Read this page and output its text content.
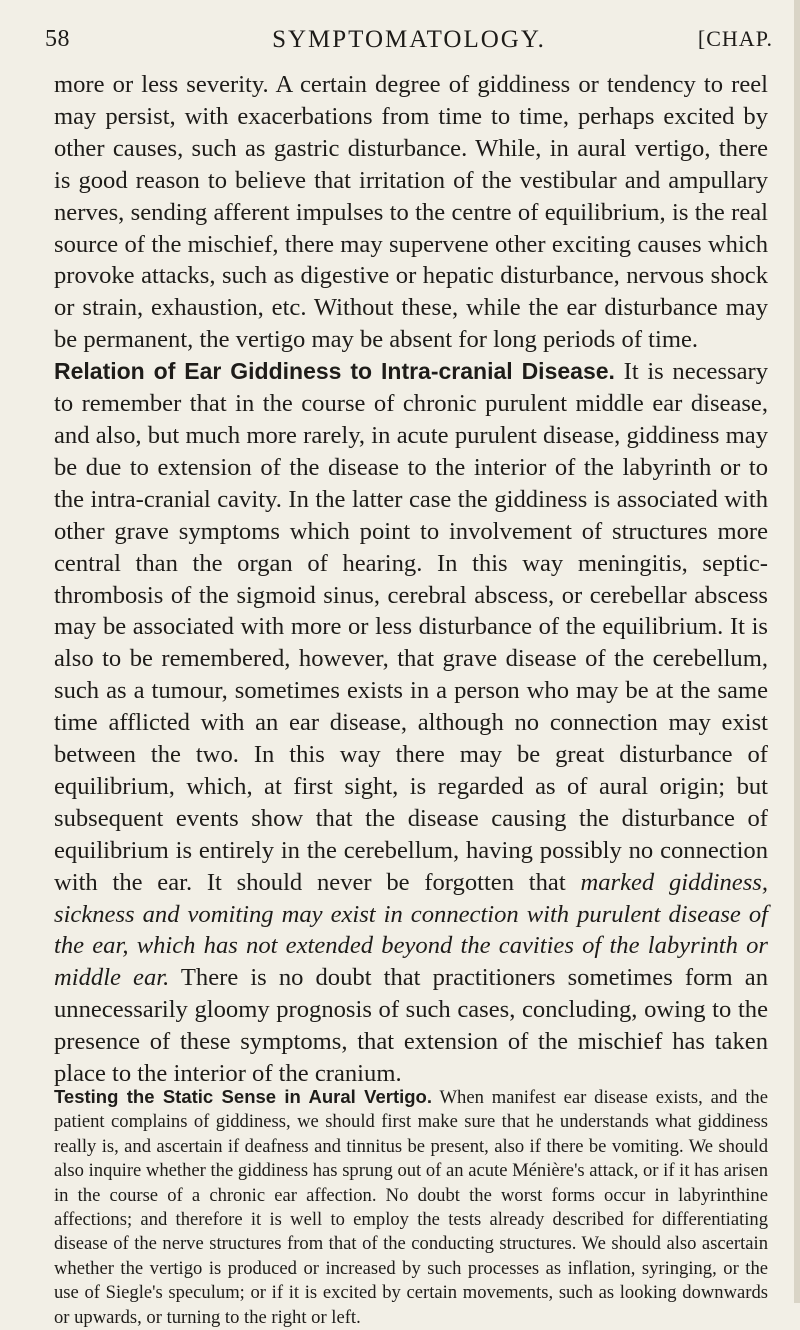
SYMPTOMATOLOGY.
58	[CHAP.

more or less severity. A certain degree of giddiness or tendency to reel may persist, with exacerbations from time to time, perhaps excited by other causes, such as gastric disturbance. While, in aural vertigo, there is good reason to believe that irritation of the vestibular and ampullary nerves, sending afferent impulses to the centre of equilibrium, is the real source of the mischief, there may supervene other exciting causes which provoke attacks, such as digestive or hepatic disturbance, nervous shock or strain, exhaustion, etc. Without these, while the ear disturbance may be permanent, the vertigo may be absent for long periods of time.

Relation of Ear Giddiness to Intra-cranial Disease. It is necessary to remember that in the course of chronic purulent middle ear disease, and also, but much more rarely, in acute purulent disease, giddiness may be due to extension of the disease to the interior of the labyrinth or to the intra-cranial cavity. In the latter case the giddiness is associated with other grave symptoms which point to involvement of structures more central than the organ of hearing. In this way meningitis, septic-thrombosis of the sigmoid sinus, cerebral abscess, or cerebellar abscess may be associated with more or less disturbance of the equilibrium. It is also to be remembered, however, that grave disease of the cerebellum, such as a tumour, sometimes exists in a person who may be at the same time afflicted with an ear disease, although no connection may exist between the two. In this way there may be great disturbance of equilibrium, which, at first sight, is regarded as of aural origin; but subsequent events show that the disease causing the disturbance of equilibrium is entirely in the cerebellum, having possibly no connection with the ear. It should never be forgotten that marked giddiness, sickness and vomiting may exist in connection with purulent disease of the ear, which has not extended beyond the cavities of the labyrinth or middle ear. There is no doubt that practitioners sometimes form an unnecessarily gloomy prognosis of such cases, concluding, owing to the presence of these symptoms, that extension of the mischief has taken place to the interior of the cranium.

Testing the Static Sense in Aural Vertigo. When manifest ear disease exists, and the patient complains of giddiness, we should first make sure that he understands what giddiness really is, and ascertain if deafness and tinnitus be present, also if there be vomiting. We should also inquire whether the giddiness has sprung out of an acute Ménière's attack, or if it has arisen in the course of a chronic ear affection. No doubt the worst forms occur in labyrinthine affections; and therefore it is well to employ the tests already described for differentiating disease of the nerve structures from that of the conducting structures. We should also ascertain whether the vertigo is produced or increased by such processes as inflation, syringing, or the use of Siegle's speculum; or if it is excited by certain movements, such as looking downwards or upwards, or turning to the right or left.
